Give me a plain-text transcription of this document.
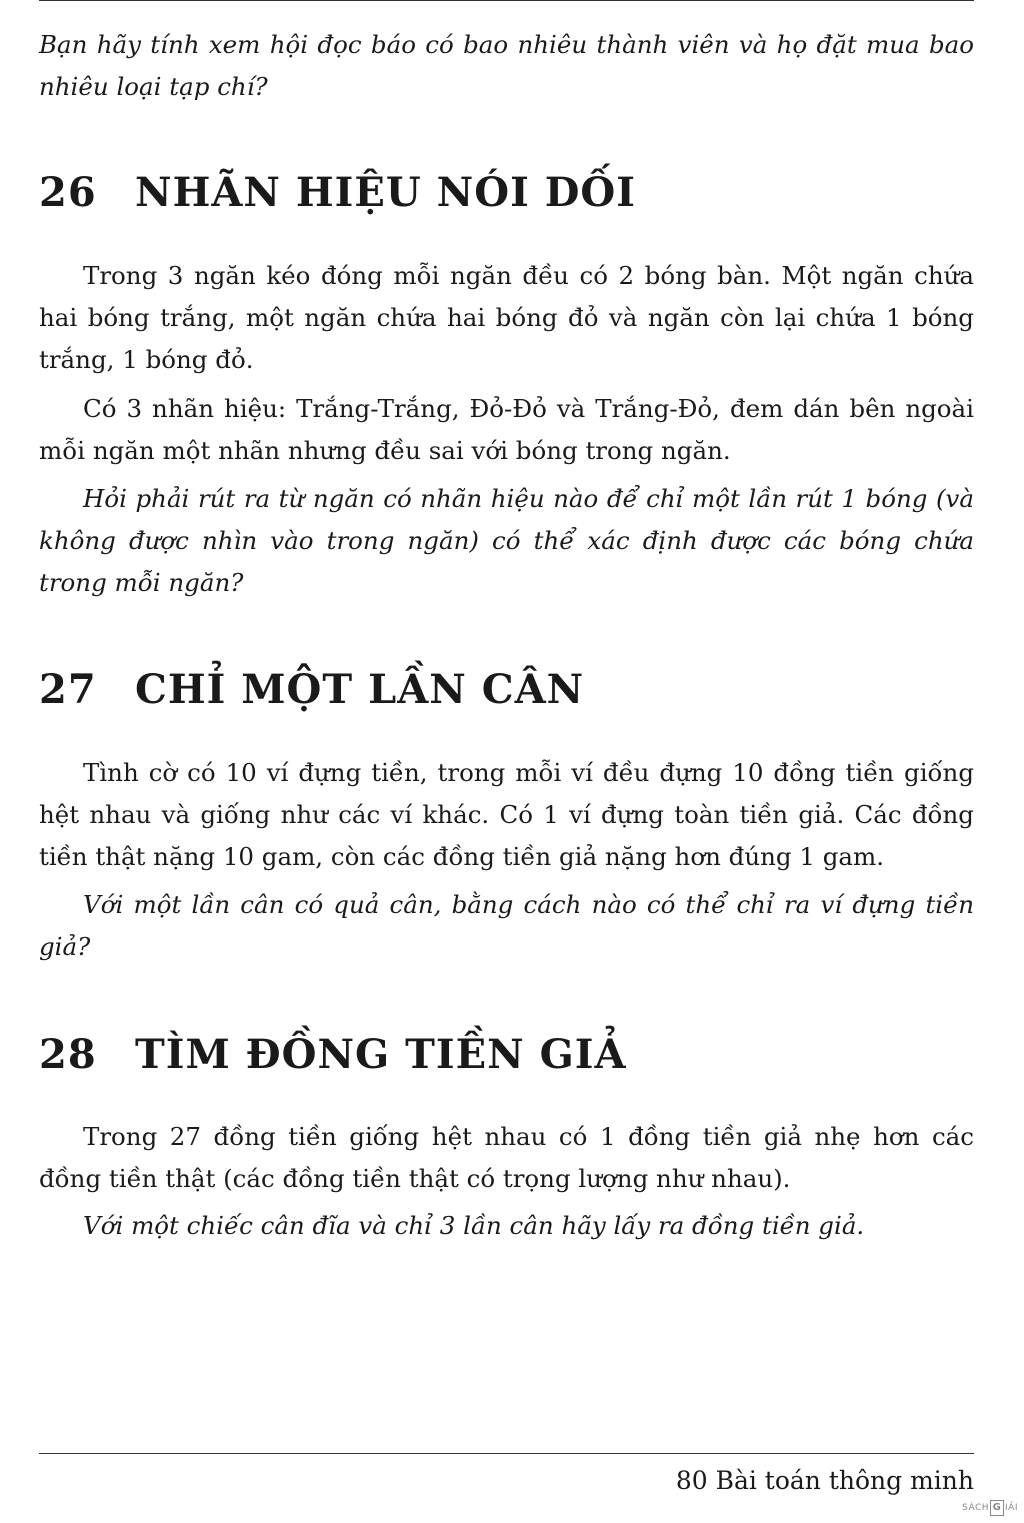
Bạn hãy tính xem hội đọc báo có bao nhiêu thành viên và họ đặt mua bao nhiêu loại tạp chí?

26 NHÃN HIỆU NÓI DỐI

Trong 3 ngăn kéo đóng mỗi ngăn đều có 2 bóng bàn. Một ngăn chứa hai bóng trắng, một ngăn chứa hai bóng đỏ và ngăn còn lại chứa 1 bóng trắng, 1 bóng đỏ.

Có 3 nhãn hiệu: Trắng-Trắng, Đỏ-Đỏ và Trắng-Đỏ, đem dán bên ngoài mỗi ngăn một nhãn nhưng đều sai với bóng trong ngăn.

Hỏi phải rút ra từ ngăn có nhãn hiệu nào để chỉ một lần rút 1 bóng (và không được nhìn vào trong ngăn) có thể xác định được các bóng chứa trong mỗi ngăn?

27 CHỈ MỘT LẦN CÂN

Tình cờ có 10 ví đựng tiền, trong mỗi ví đều đựng 10 đồng tiền giống hệt nhau và giống như các ví khác. Có 1 ví đựng toàn tiền giả. Các đồng tiền thật nặng 10 gam, còn các đồng tiền giả nặng hơn đúng 1 gam.

Với một lần cân có quả cân, bằng cách nào có thể chỉ ra ví đựng tiền giả?

28 TÌM ĐỒNG TIỀN GIẢ

Trong 27 đồng tiền giống hệt nhau có 1 đồng tiền giả nhẹ hơn các đồng tiền thật (các đồng tiền thật có trọng lượng như nhau).

Với một chiếc cân đĩa và chỉ 3 lần cân hãy lấy ra đồng tiền giả.

80 Bài toán thông minh
SÁCH G IẢI
